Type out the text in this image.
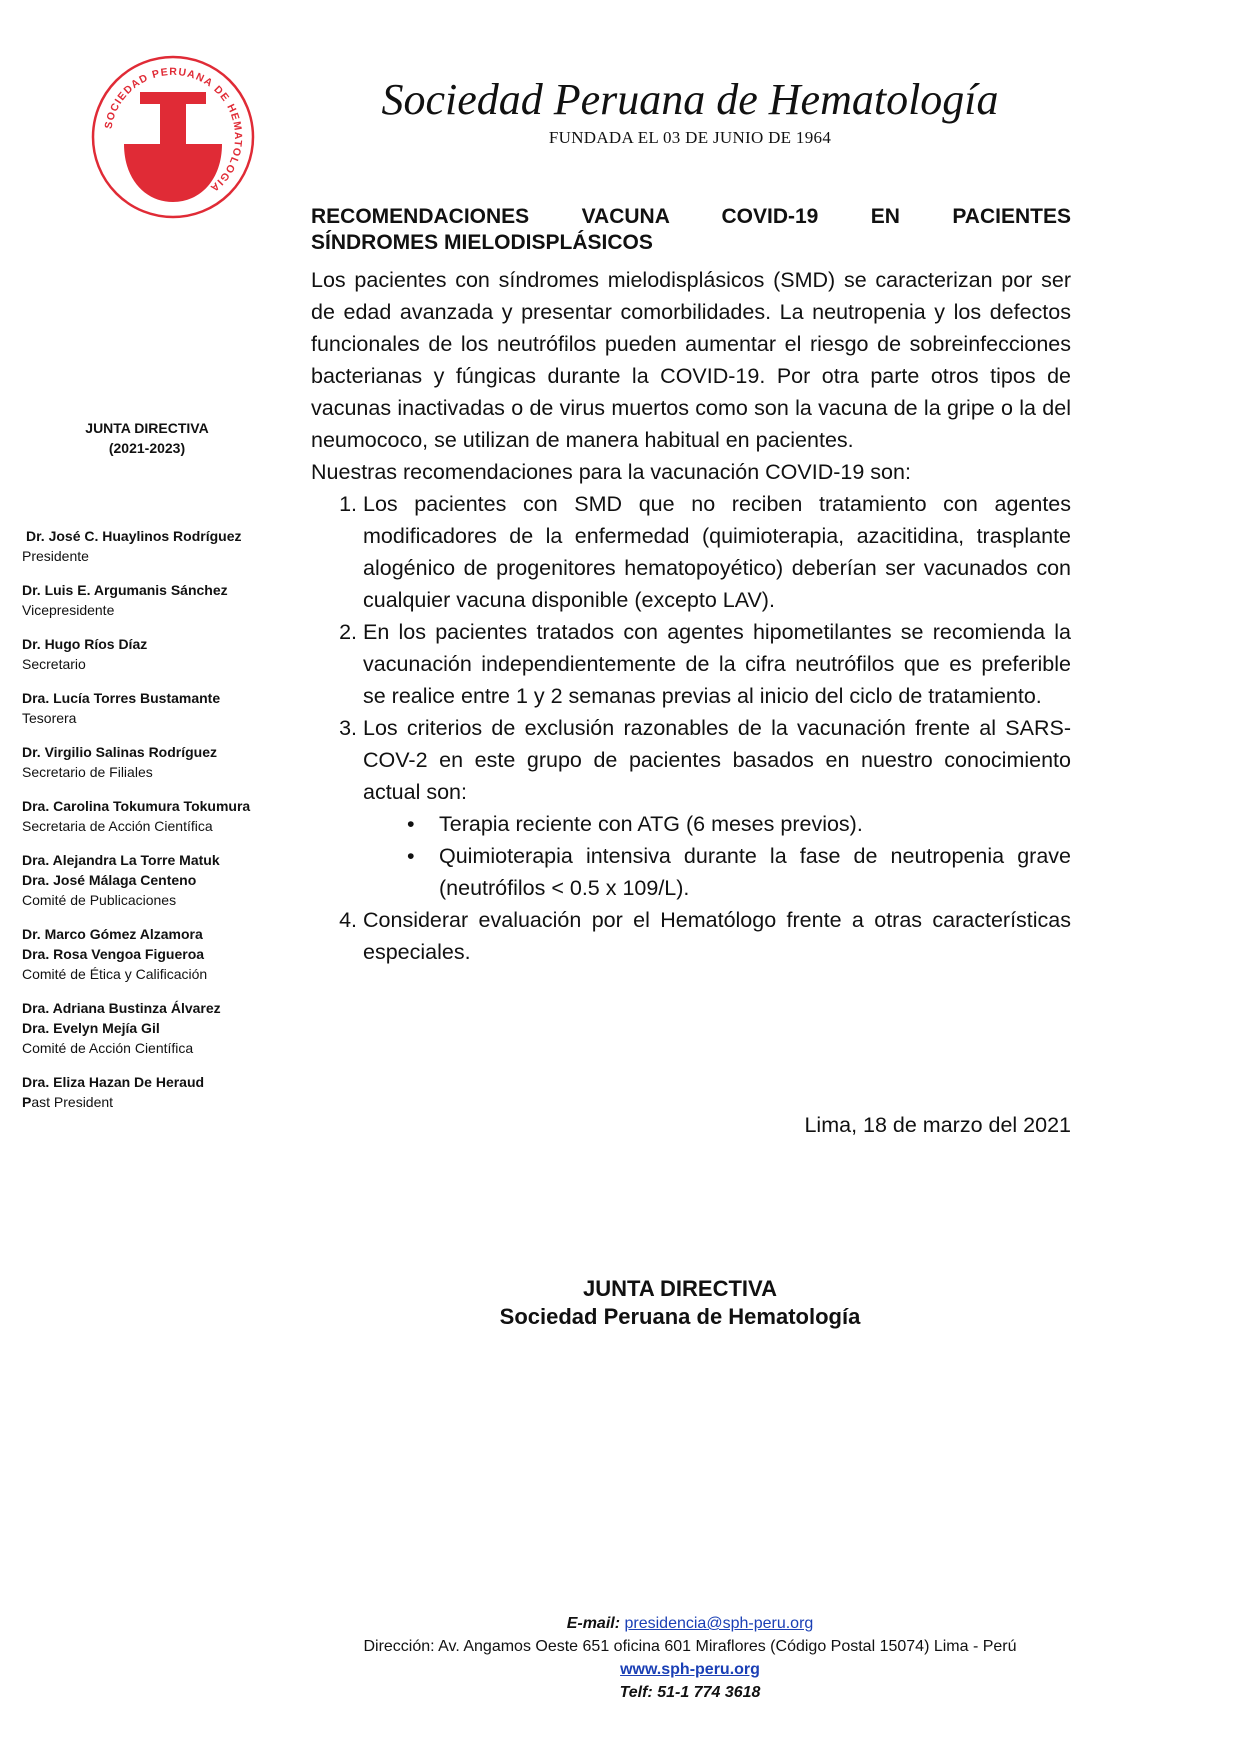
SOCIEDAD PERUANA DE HEMATOLOGIA
Sociedad Peruana de Hematología
FUNDADA EL 03 DE JUNIO DE 1964
JUNTA DIRECTIVA
(2021-2023)
Dr. José C. Huaylinos Rodríguez
Presidente
Dr. Luis E. Argumanis Sánchez
Vicepresidente
Dr. Hugo Ríos Díaz
Secretario
Dra. Lucía Torres Bustamante
Tesorera
Dr. Virgilio Salinas Rodríguez
Secretario de Filiales
Dra. Carolina Tokumura Tokumura
Secretaria de Acción Científica
Dra. Alejandra La Torre Matuk
Dra. José Málaga Centeno
Comité de Publicaciones
Dr. Marco Gómez Alzamora
Dra. Rosa Vengoa Figueroa
Comité de Ética y Calificación
Dra. Adriana Bustinza Álvarez
Dra. Evelyn Mejía Gil
Comité de Acción Científica
Dra. Eliza Hazan De Heraud
Past President

RECOMENDACIONES VACUNA COVID-19 EN PACIENTES

SÍNDROMES MIELODISPLÁSICOS

Los pacientes con síndromes mielodisplásicos (SMD) se caracterizan por ser de edad avanzada y presentar comorbilidades. La neutropenia y los defectos funcionales de los neutrófilos pueden aumentar el riesgo de sobreinfecciones bacterianas y fúngicas durante la COVID-19. Por otra parte otros tipos de vacunas inactivadas o de virus muertos como son la vacuna de la gripe o la del neumococo, se utilizan de manera habitual en pacientes.

Nuestras recomendaciones para la vacunación COVID-19 son:

1. Los pacientes con SMD que no reciben tratamiento con agentes modificadores de la enfermedad (quimioterapia, azacitidina, trasplante alogénico de progenitores hematopoyético) deberían ser vacunados con cualquier vacuna disponible (excepto LAV).
2. En los pacientes tratados con agentes hipometilantes se recomienda la vacunación independientemente de la cifra neutrófilos que es preferible se realice entre 1 y 2 semanas previas al inicio del ciclo de tratamiento.
3. Los criterios de exclusión razonables de la vacunación frente al SARS-COV-2 en este grupo de pacientes basados en nuestro conocimiento actual son:
• Terapia reciente con ATG (6 meses previos).
• Quimioterapia intensiva durante la fase de neutropenia grave (neutrófilos < 0.5 x 109/L).
4. Considerar evaluación por el Hematólogo frente a otras características especiales.
Lima, 18 de marzo del 2021
JUNTA DIRECTIVA
Sociedad Peruana de Hematología
E-mail: presidencia@sph-peru.org
Dirección: Av. Angamos Oeste 651 oficina 601 Miraflores (Código Postal 15074) Lima - Perú
www.sph-peru.org
Telf: 51-1 774 3618
